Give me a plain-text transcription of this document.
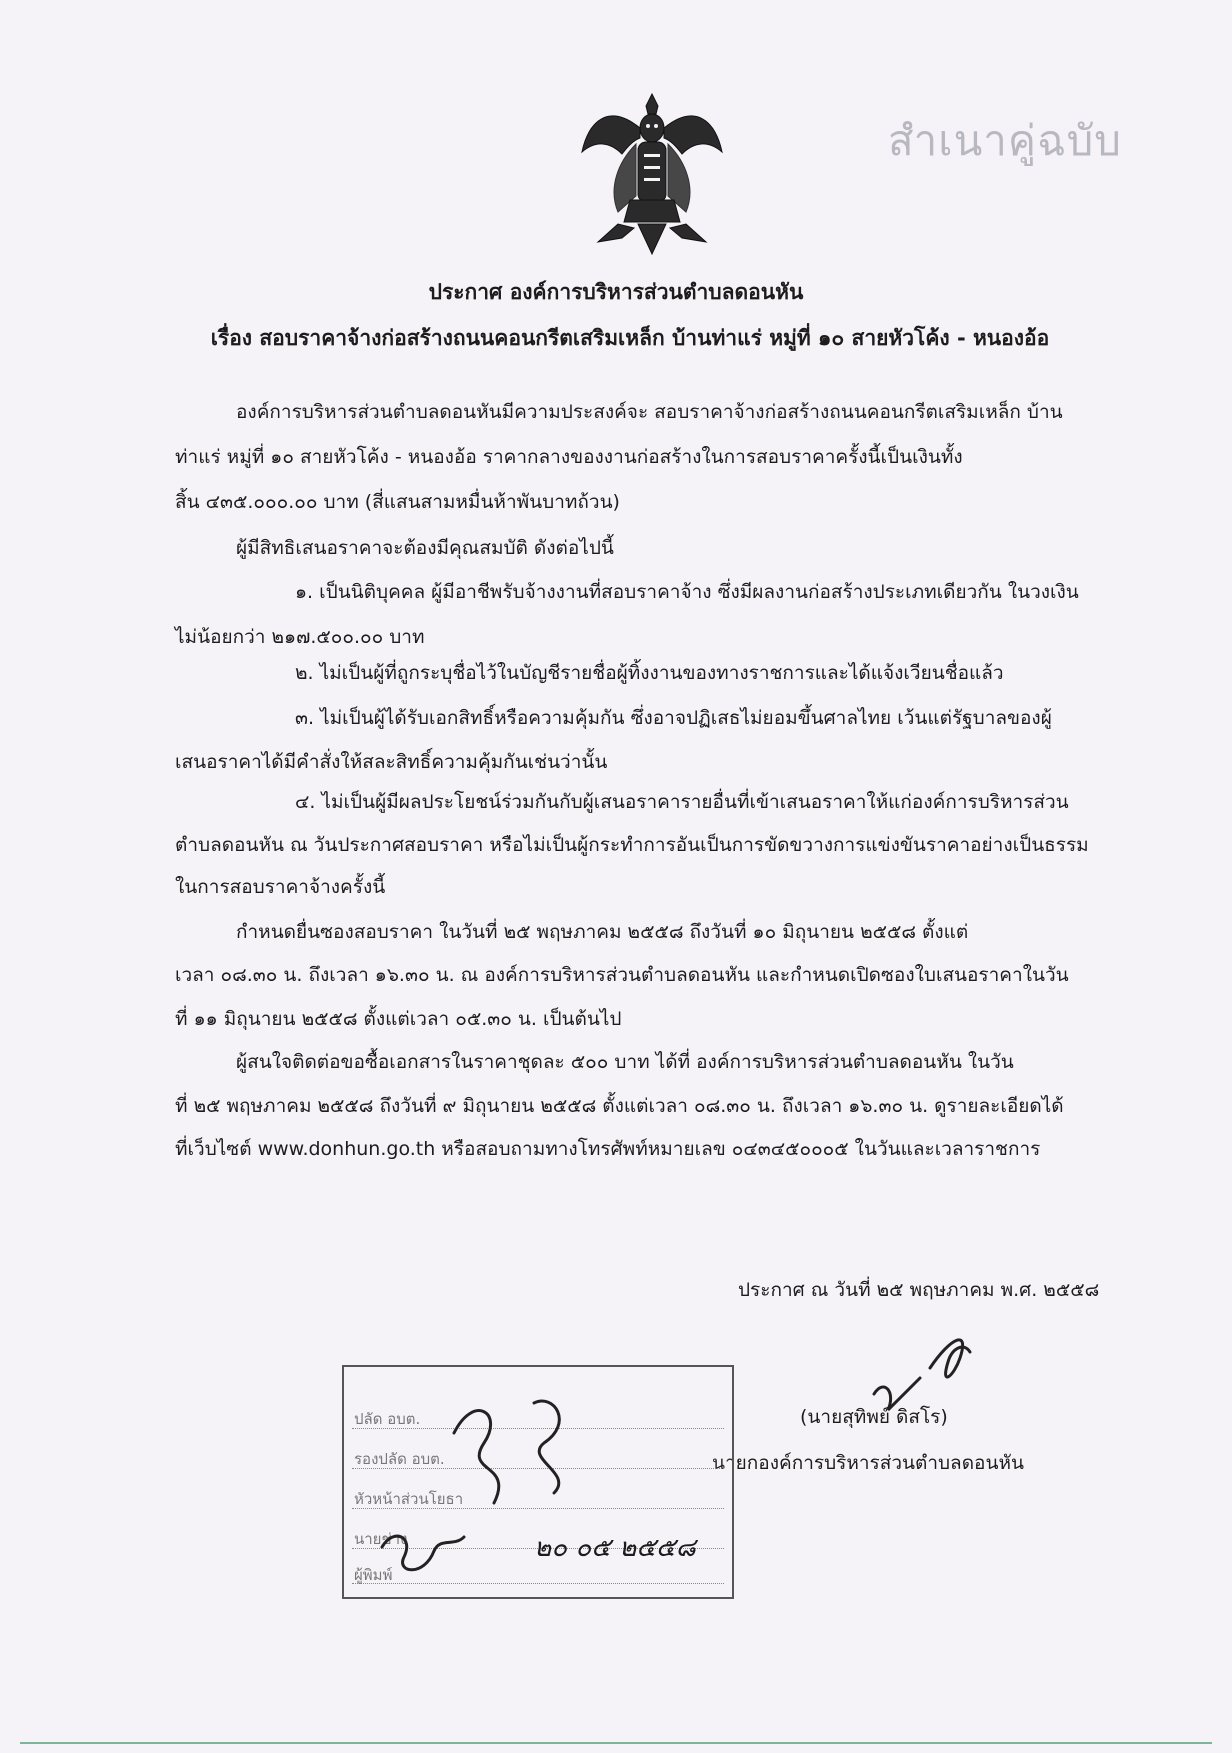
สำเนาคู่ฉบับ
ประกาศ องค์การบริหารส่วนตำบลดอนหัน
เรื่อง สอบราคาจ้างก่อสร้างถนนคอนกรีตเสริมเหล็ก บ้านท่าแร่ หมู่ที่ ๑๐ สายหัวโค้ง - หนองอ้อ
องค์การบริหารส่วนตำบลดอนหันมีความประสงค์จะ สอบราคาจ้างก่อสร้างถนนคอนกรีตเสริมเหล็ก บ้าน
ท่าแร่ หมู่ที่ ๑๐ สายหัวโค้ง - หนองอ้อ ราคากลางของงานก่อสร้างในการสอบราคาครั้งนี้เป็นเงินทั้ง
สิ้น ๔๓๕.๐๐๐.๐๐ บาท (สี่แสนสามหมื่นห้าพันบาทถ้วน)
ผู้มีสิทธิเสนอราคาจะต้องมีคุณสมบัติ ดังต่อไปนี้
๑. เป็นนิติบุคคล ผู้มีอาชีพรับจ้างงานที่สอบราคาจ้าง ซึ่งมีผลงานก่อสร้างประเภทเดียวกัน ในวงเงิน
ไม่น้อยกว่า ๒๑๗.๕๐๐.๐๐ บาท
๒. ไม่เป็นผู้ที่ถูกระบุชื่อไว้ในบัญชีรายชื่อผู้ทิ้งงานของทางราชการและได้แจ้งเวียนชื่อแล้ว
๓. ไม่เป็นผู้ได้รับเอกสิทธิ์หรือความคุ้มกัน ซึ่งอาจปฏิเสธไม่ยอมขึ้นศาลไทย เว้นแต่รัฐบาลของผู้
เสนอราคาได้มีคำสั่งให้สละสิทธิ์ความคุ้มกันเช่นว่านั้น
๔. ไม่เป็นผู้มีผลประโยชน์ร่วมกันกับผู้เสนอราคารายอื่นที่เข้าเสนอราคาให้แก่องค์การบริหารส่วน
ตำบลดอนหัน ณ วันประกาศสอบราคา หรือไม่เป็นผู้กระทำการอันเป็นการขัดขวางการแข่งขันราคาอย่างเป็นธรรม
ในการสอบราคาจ้างครั้งนี้
กำหนดยื่นซองสอบราคา ในวันที่ ๒๕ พฤษภาคม ๒๕๕๘ ถึงวันที่ ๑๐ มิถุนายน ๒๕๕๘ ตั้งแต่
เวลา ๐๘.๓๐ น. ถึงเวลา ๑๖.๓๐ น. ณ องค์การบริหารส่วนตำบลดอนหัน และกำหนดเปิดซองใบเสนอราคาในวัน
ที่ ๑๑ มิถุนายน ๒๕๕๘ ตั้งแต่เวลา ๐๕.๓๐ น. เป็นต้นไป
ผู้สนใจติดต่อขอซื้อเอกสารในราคาชุดละ ๕๐๐ บาท ได้ที่ องค์การบริหารส่วนตำบลดอนหัน ในวัน
ที่ ๒๕ พฤษภาคม ๒๕๕๘ ถึงวันที่ ๙ มิถุนายน ๒๕๕๘ ตั้งแต่เวลา ๐๘.๓๐ น. ถึงเวลา ๑๖.๓๐ น. ดูรายละเอียดได้
ที่เว็บไซต์ www.donhun.go.th หรือสอบถามทางโทรศัพท์หมายเลข ๐๔๓๔๕๐๐๐๕ ในวันและเวลาราชการ
ประกาศ ณ วันที่ ๒๕ พฤษภาคม พ.ศ. ๒๕๕๘
(นายสุทิพย์ ดิสโร)
นายกองค์การบริหารส่วนตำบลดอนหัน
ปลัด อบต.
รองปลัด อบต.
หัวหน้าส่วนโยธา
นายช่าง
ผู้พิมพ์
๒๐ ๐๕ ๒๕๕๘
